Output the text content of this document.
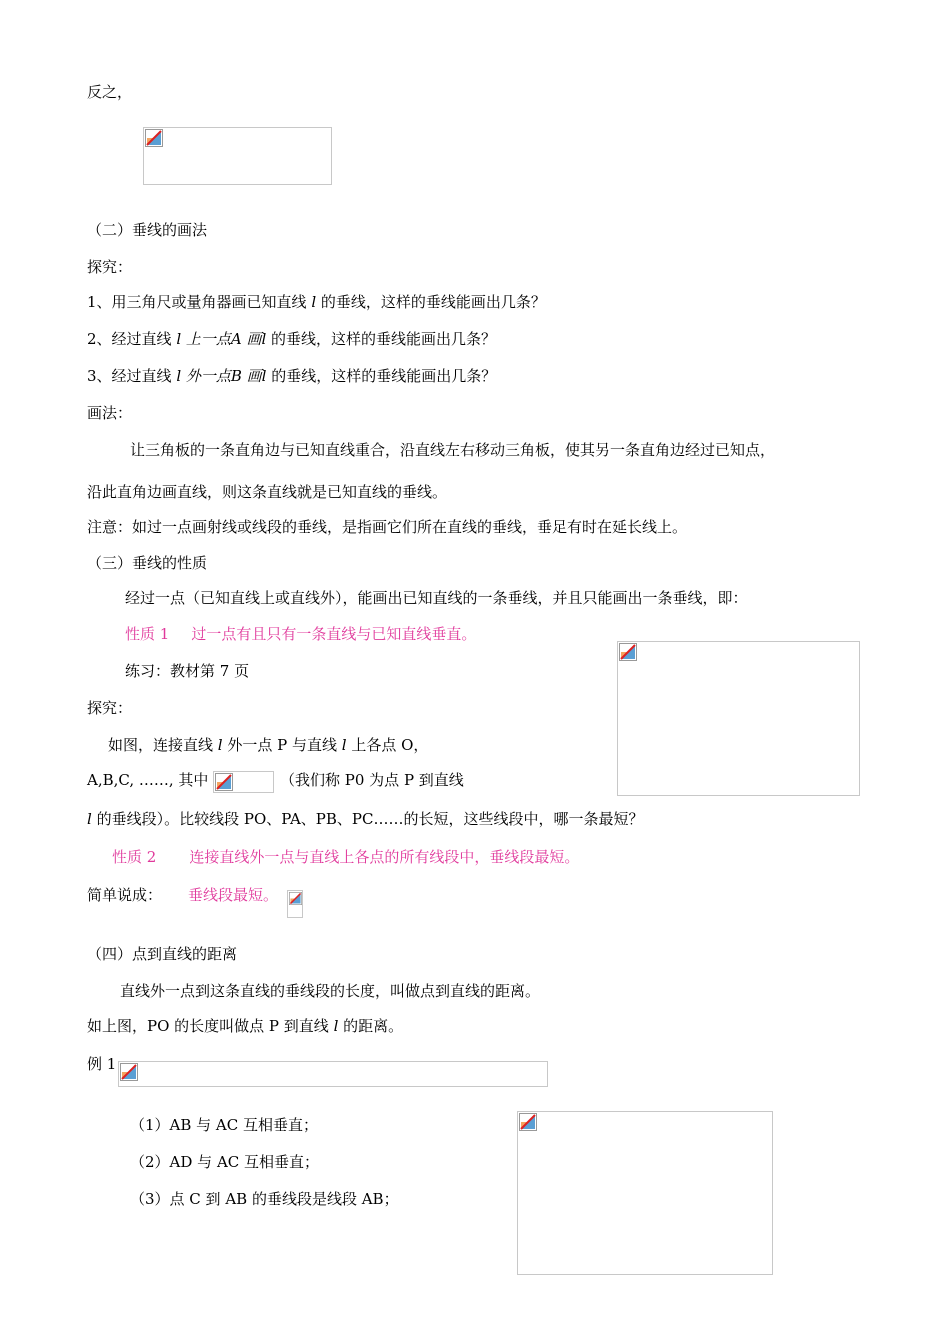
反之，
（二）垂线的画法
探究：
1、用三角尺或量角器画已知直线 l 的垂线，这样的垂线能画出几条？
2、经过直线 l 上一点A 画l 的垂线，这样的垂线能画出几条？
3、经过直线 l 外一点B 画l 的垂线，这样的垂线能画出几条？
画法：
让三角板的一条直角边与已知直线重合，沿直线左右移动三角板，使其另一条直角边经过已知点，
沿此直角边画直线，则这条直线就是已知直线的垂线。
注意：如过一点画射线或线段的垂线，是指画它们所在直线的垂线，垂足有时在延长线上。
（三）垂线的性质
经过一点（已知直线上或直线外），能画出已知直线的一条垂线，并且只能画出一条垂线，即：
性质 1 过一点有且只有一条直线与已知直线垂直。
练习：教材第 7 页
探究：
如图，连接直线 l 外一点 P 与直线 l 上各点 O，
A,B,C, ……, 其中	（我们称 P0 为点 P 到直线
l 的垂线段）。比较线段 PO、PA、PB、PC……的长短，这些线段中，哪一条最短？
性质 2 连接直线外一点与直线上各点的所有线段中，垂线段最短。
简单说成： 垂线段最短。
（四）点到直线的距离
直线外一点到这条直线的垂线段的长度，叫做点到直线的距离。
如上图，PO 的长度叫做点 P 到直线 l 的距离。
例 1
（1）AB 与 AC 互相垂直；
（2）AD 与 AC 互相垂直；
（3）点 C 到 AB 的垂线段是线段 AB；
